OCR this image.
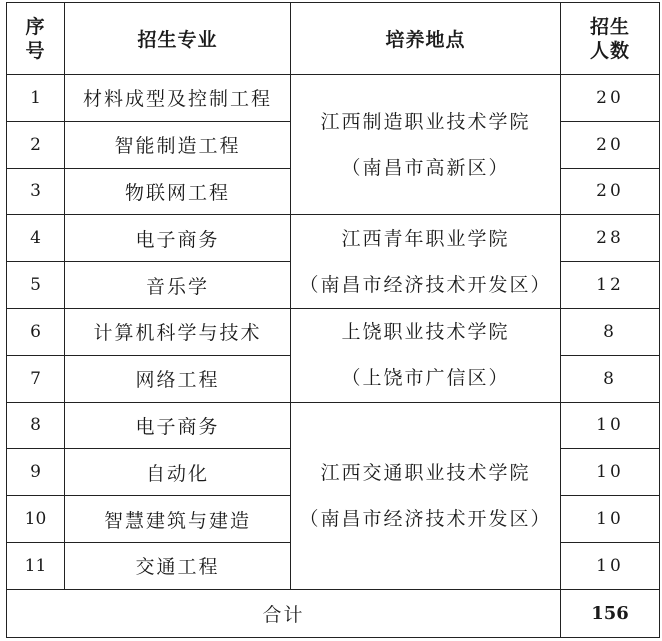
序
号	招生专业	培养地点	招生
人数

1	材料成型及控制工程	江西制造职业技术学院
（南昌市高新区）	20
2	智能制造工程		20
3	物联网工程		20
4	电子商务	江西青年职业学院
（南昌市经济技术开发区）	28
5	音乐学		12
6	计算机科学与技术	上饶职业技术学院
（上饶市广信区）	8
7	网络工程		8
8	电子商务	江西交通职业技术学院
（南昌市经济技术开发区）	10
9	自动化		10
10	智慧建筑与建造		10
11	交通工程		10
合计			156
